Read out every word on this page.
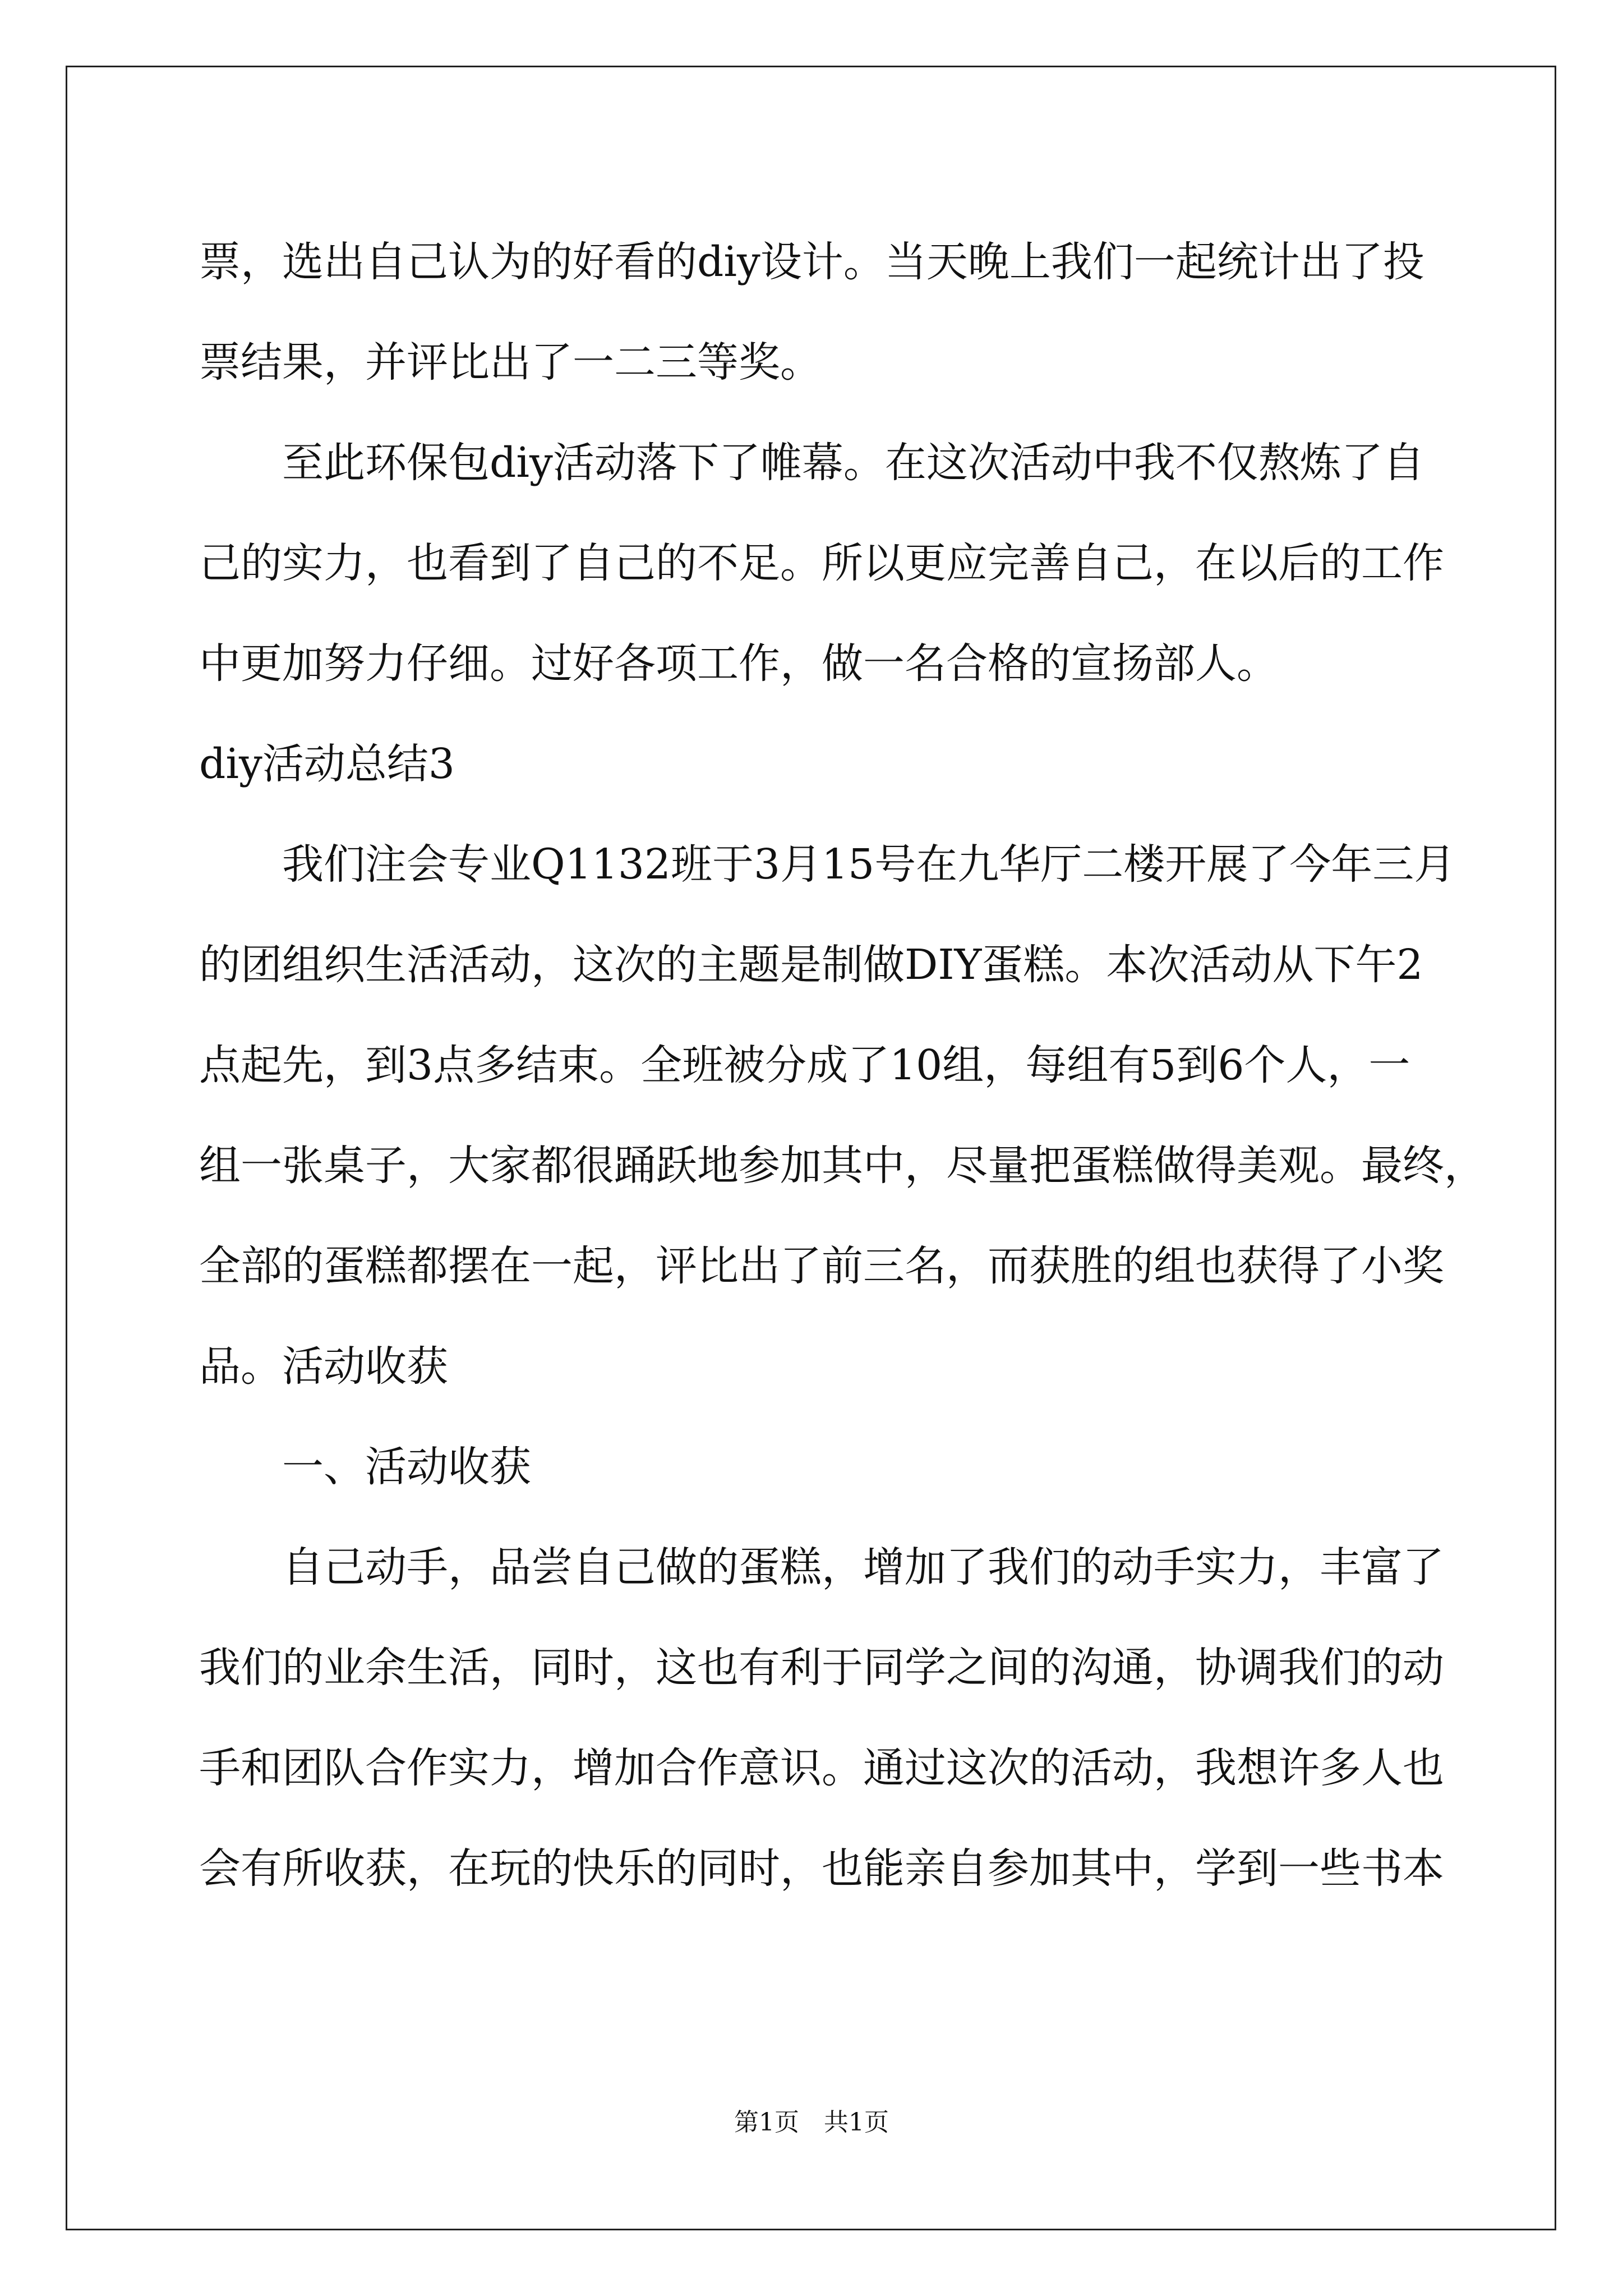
票，选出自己认为的好看的diy设计。当天晚上我们一起统计出了投
票结果，并评比出了一二三等奖。
至此环保包diy活动落下了帷幕。在这次活动中我不仅熬炼了自
己的实力，也看到了自己的不足。所以更应完善自己，在以后的工作
中更加努力仔细。过好各项工作，做一名合格的宣扬部人。
diy活动总结3
我们注会专业Q1132班于3月15号在九华厅二楼开展了今年三月
的团组织生活活动，这次的主题是制做DIY蛋糕。本次活动从下午2
点起先，到3点多结束。全班被分成了10组，每组有5到6个人，一
组一张桌子，大家都很踊跃地参加其中，尽量把蛋糕做得美观。最终，
全部的蛋糕都摆在一起，评比出了前三名，而获胜的组也获得了小奖
品。活动收获
一、活动收获
自己动手，品尝自己做的蛋糕，增加了我们的动手实力，丰富了
我们的业余生活，同时，这也有利于同学之间的沟通，协调我们的动
手和团队合作实力，增加合作意识。通过这次的活动，我想许多人也
会有所收获，在玩的快乐的同时，也能亲自参加其中，学到一些书本
第1页　共1页
